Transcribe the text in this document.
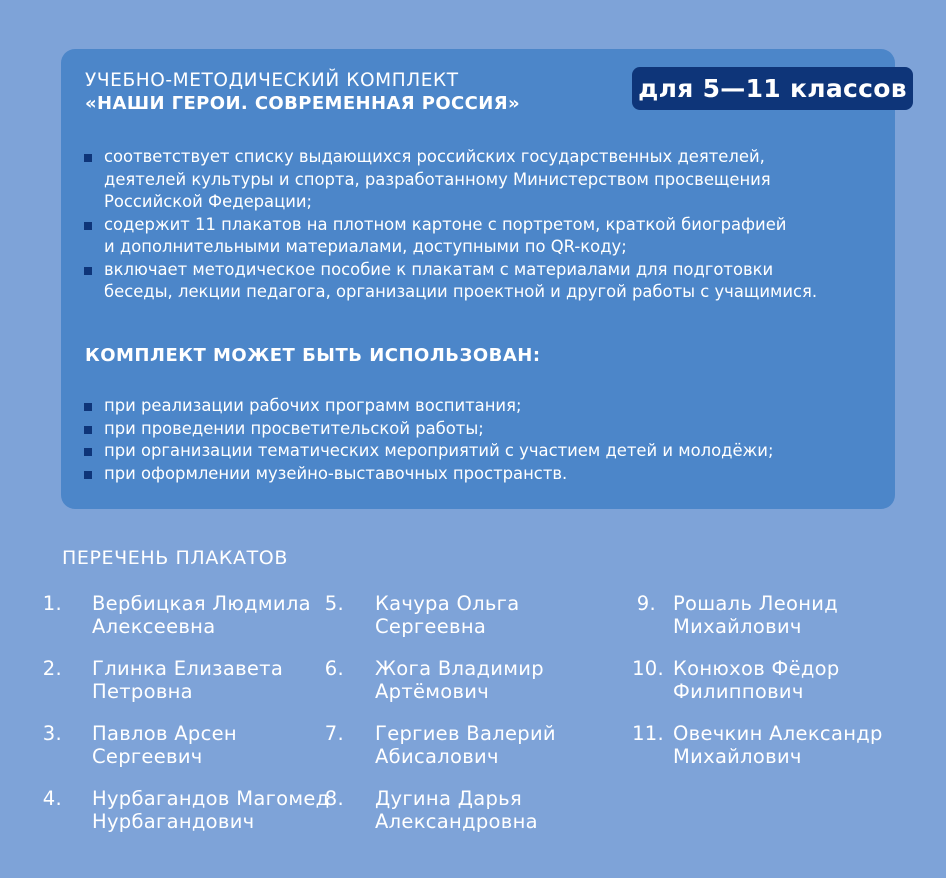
УЧЕБНО-МЕТОДИЧЕСКИЙ КОМПЛЕКТ
«НАШИ ГЕРОИ. СОВРЕМЕННАЯ РОССИЯ»
для 5—11 классов
соответствует списку выдающихся российских государственных деятелей,
деятелей культуры и спорта, разработанному Министерством просвещения
Российской Федерации;
содержит 11 плакатов на плотном картоне с портретом, краткой биографией
и дополнительными материалами, доступными по QR-коду;
включает методическое пособие к плакатам с материалами для подготовки
беседы, лекции педагога, организации проектной и другой работы с учащимися.
КОМПЛЕКТ МОЖЕТ БЫТЬ ИСПОЛЬЗОВАН:
при реализации рабочих программ воспитания;
при проведении просветительской работы;
при организации тематических мероприятий с участием детей и молодёжи;
при оформлении музейно-выставочных пространств.
ПЕРЕЧЕНЬ ПЛАКАТОВ
1. Вербицкая Людмила
Алексеевна
2. Глинка Елизавета
Петровна
3. Павлов Арсен
Сергеевич
4. Нурбагандов Магомед
Нурбагандович
5. Качура Ольга
Сергеевна
6. Жога Владимир
Артёмович
7. Гергиев Валерий
Абисалович
8. Дугина Дарья
Александровна
9. Рошаль Леонид
Михайлович
10. Конюхов Фёдор
Филиппович
11. Овечкин Александр
Михайлович
